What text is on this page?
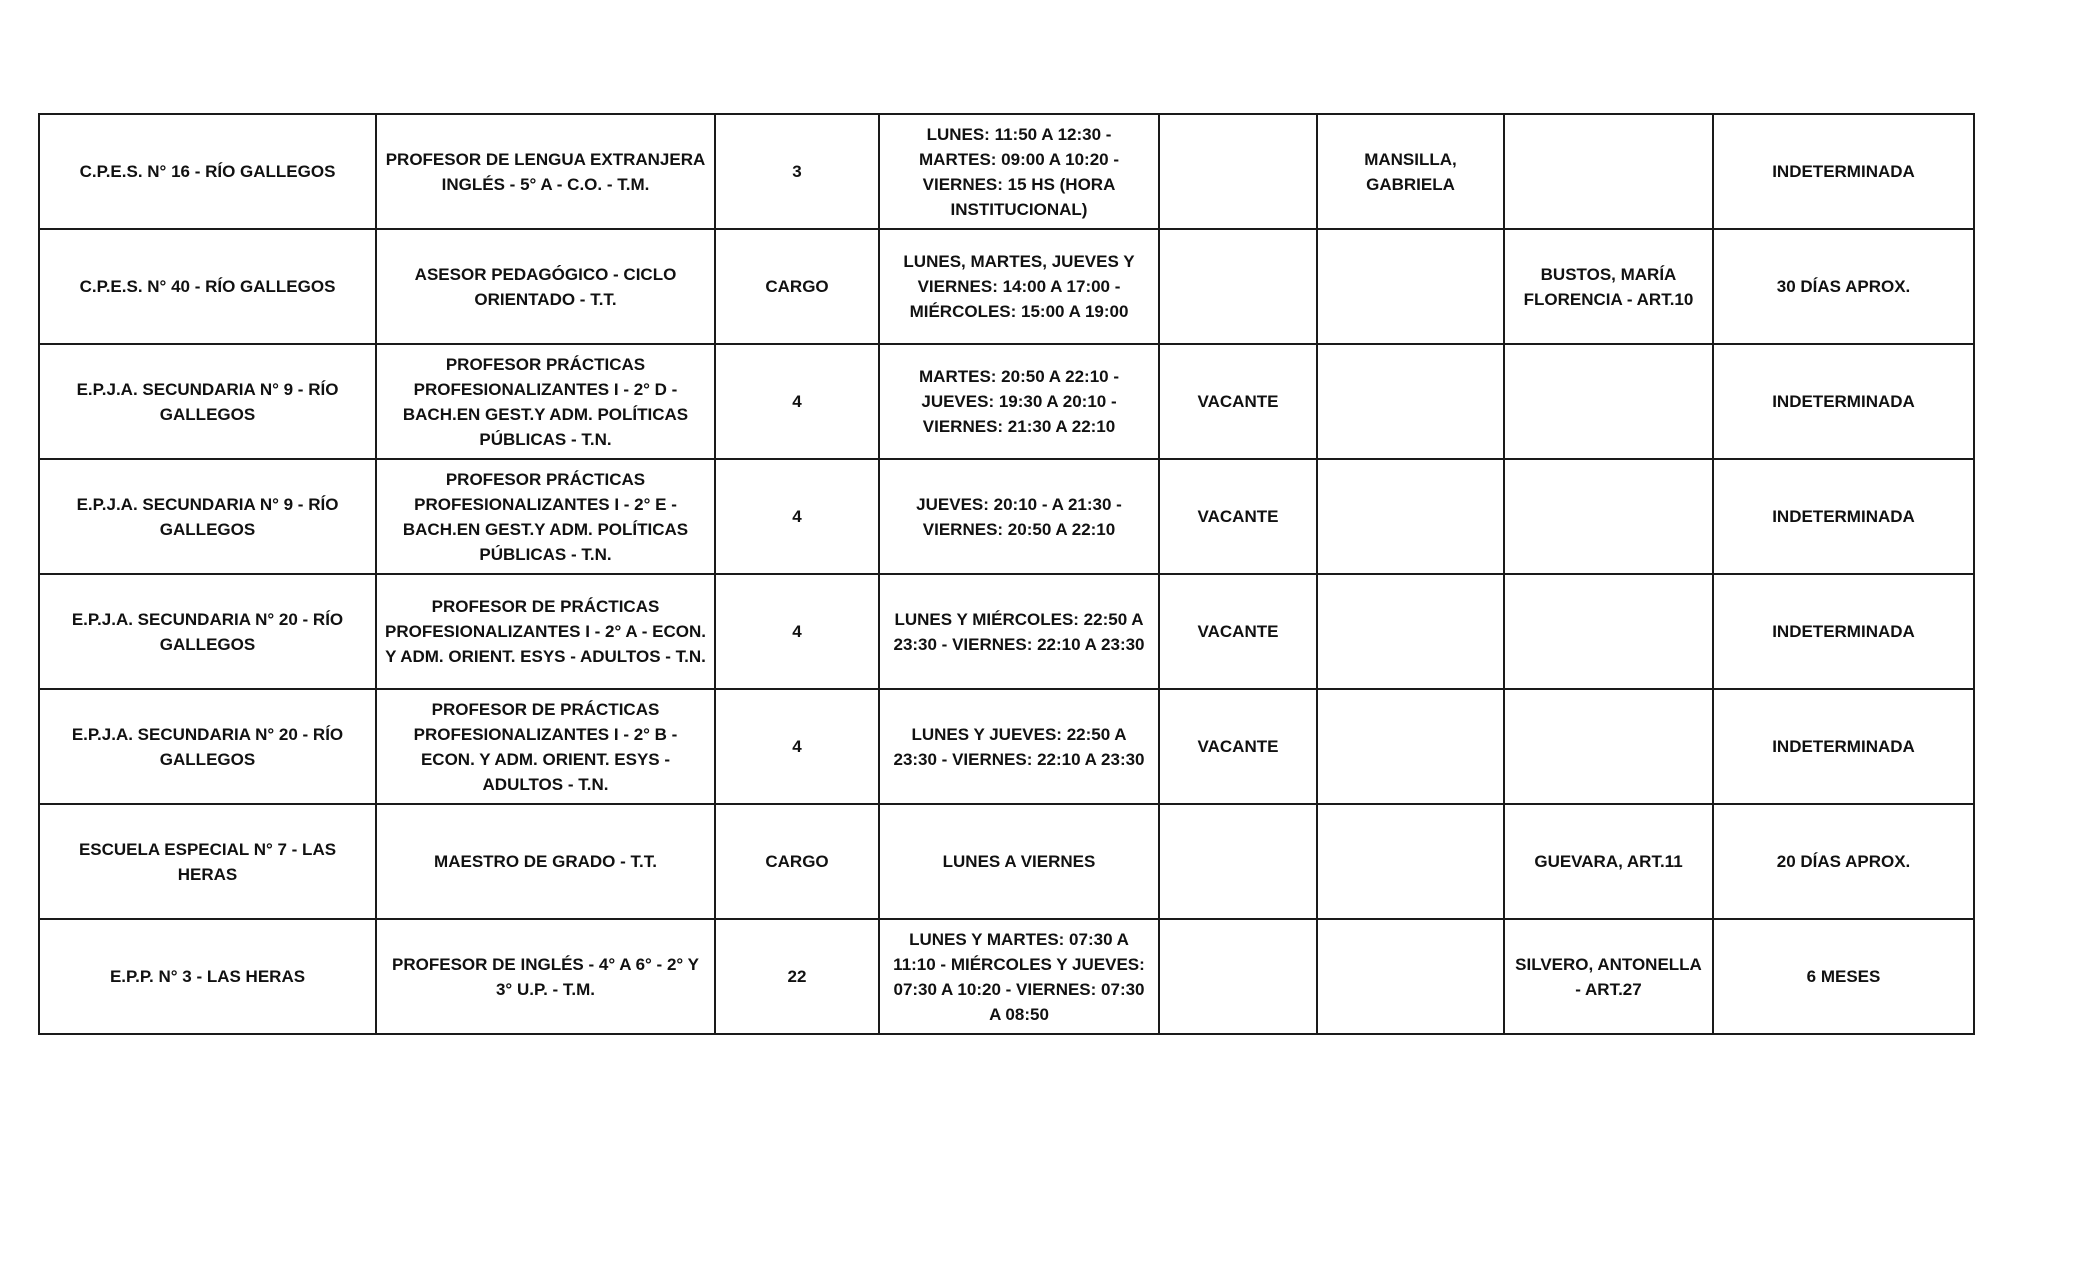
C.P.E.S. N° 16 - RÍO GALLEGOS	PROFESOR DE LENGUA EXTRANJERA INGLÉS - 5° A - C.O. - T.M.	3	LUNES: 11:50 A 12:30 - MARTES: 09:00 A 10:20 - VIERNES: 15 HS (HORA INSTITUCIONAL)		MANSILLA, GABRIELA		INDETERMINADA
C.P.E.S. N° 40 - RÍO GALLEGOS	ASESOR PEDAGÓGICO - CICLO ORIENTADO - T.T.	CARGO	LUNES, MARTES, JUEVES Y VIERNES: 14:00 A 17:00 - MIÉRCOLES: 15:00 A 19:00			BUSTOS, MARÍA FLORENCIA - ART.10	30 DÍAS APROX.
E.P.J.A. SECUNDARIA N° 9 - RÍO GALLEGOS	PROFESOR PRÁCTICAS PROFESIONALIZANTES I - 2° D - BACH.EN GEST.Y ADM. POLÍTICAS PÚBLICAS - T.N.	4	MARTES: 20:50 A 22:10 - JUEVES: 19:30 A 20:10 - VIERNES: 21:30 A 22:10	VACANTE			INDETERMINADA
E.P.J.A. SECUNDARIA N° 9 - RÍO GALLEGOS	PROFESOR PRÁCTICAS PROFESIONALIZANTES I - 2° E - BACH.EN GEST.Y ADM. POLÍTICAS PÚBLICAS - T.N.	4	JUEVES: 20:10 - A 21:30 - VIERNES: 20:50 A 22:10	VACANTE			INDETERMINADA
E.P.J.A. SECUNDARIA N° 20 - RÍO GALLEGOS	PROFESOR DE PRÁCTICAS PROFESIONALIZANTES I - 2° A - ECON. Y ADM. ORIENT. ESYS - ADULTOS - T.N.	4	LUNES Y MIÉRCOLES: 22:50 A 23:30 - VIERNES: 22:10 A 23:30	VACANTE			INDETERMINADA
E.P.J.A. SECUNDARIA N° 20 - RÍO GALLEGOS	PROFESOR DE PRÁCTICAS PROFESIONALIZANTES I - 2° B - ECON. Y ADM. ORIENT. ESYS - ADULTOS - T.N.	4	LUNES Y JUEVES: 22:50 A 23:30 - VIERNES: 22:10 A 23:30	VACANTE			INDETERMINADA
ESCUELA ESPECIAL N° 7 - LAS HERAS	MAESTRO DE GRADO - T.T.	CARGO	LUNES A VIERNES			GUEVARA, ART.11	20 DÍAS APROX.
E.P.P. N° 3 - LAS HERAS	PROFESOR DE INGLÉS - 4° A 6° - 2° Y 3° U.P. - T.M.	22	LUNES Y MARTES: 07:30 A 11:10 - MIÉRCOLES Y JUEVES: 07:30 A 10:20 - VIERNES: 07:30 A 08:50			SILVERO, ANTONELLA - ART.27	6 MESES
